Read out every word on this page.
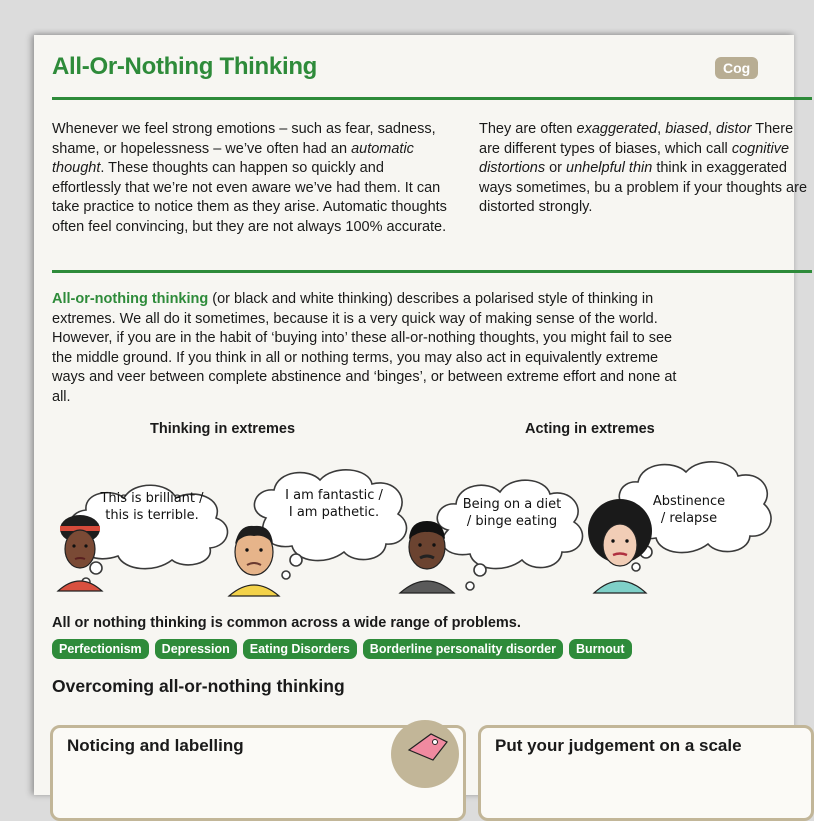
All-Or-Nothing Thinking	Cog
Whenever we feel strong emotions – such as fear, sadness, shame, or hopelessness – we’ve often had an automatic thought. These thoughts can happen so quickly and effortlessly that we’re not even aware we’ve had them. It can take practice to notice them as they arise. Automatic thoughts often feel convincing, but they are not always 100% accurate.
They are often exaggerated, biased, distor There are different types of biases, which call cognitive distortions or unhelpful thin think in exaggerated ways sometimes, bu a problem if your thoughts are distorted strongly.
All-or-nothing thinking (or black and white thinking) describes a polarised style of thinking in extremes. We all do it sometimes, because it is a very quick way of making sense of the world. However, if you are in the habit of ‘buying into’ these all-or-nothing thoughts, you might fail to see the middle ground. If you think in all or nothing terms, you may also act in equivalently extreme ways and veer between complete abstinence and ‘binges’, or between extreme effort and none at all.
Thinking in extremes	Acting in extremes
This is brilliant /
this is terrible.
I am fantastic /
I am pathetic.
Being on a diet
/ binge eating
Abstinence
/ relapse
All or nothing thinking is common across a wide range of problems.
Perfectionism	Depression	Eating Disorders	Borderline personality disorder	Burnout
Overcoming all-or-nothing thinking
Noticing and labelling	Put your judgement on a scale
